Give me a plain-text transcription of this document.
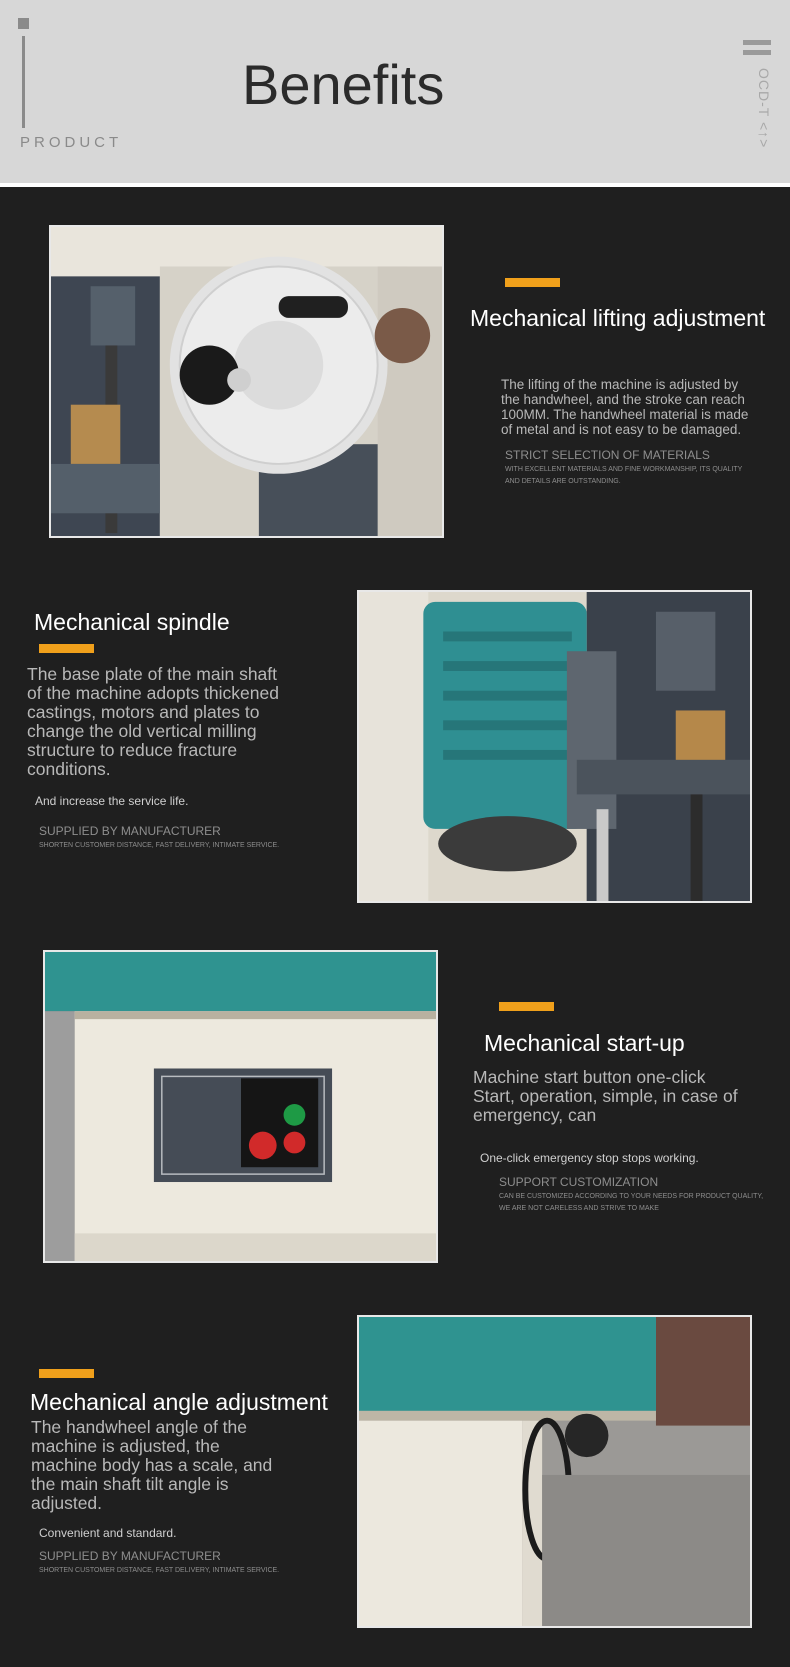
PRODUCT
Benefits	OCD-T <↑>
Mechanical lifting adjustment
The lifting of the machine is adjusted by
the handwheel, and the stroke can reach
100MM. The handwheel material is made
of metal and is not easy to be damaged.
STRICT SELECTION OF MATERIALS
WITH EXCELLENT MATERIALS AND FINE WORKMANSHIP, ITS QUALITY
AND DETAILS ARE OUTSTANDING.
Mechanical spindle
The base plate of the main shaft
of the machine adopts thickened
castings, motors and plates to
change the old vertical milling
structure to reduce fracture
conditions.
And increase the service life.
SUPPLIED BY MANUFACTURER
SHORTEN CUSTOMER DISTANCE, FAST DELIVERY, INTIMATE SERVICE.
Mechanical start-up
Machine start button one-click
Start, operation, simple, in case of
emergency, can
One-click emergency stop stops working.
SUPPORT CUSTOMIZATION
CAN BE CUSTOMIZED ACCORDING TO YOUR NEEDS FOR PRODUCT QUALITY,
WE ARE NOT CARELESS AND STRIVE TO MAKE
Mechanical angle adjustment
The handwheel angle of the
machine is adjusted, the
machine body has a scale, and
the main shaft tilt angle is
adjusted.
Convenient and standard.
SUPPLIED BY MANUFACTURER
SHORTEN CUSTOMER DISTANCE, FAST DELIVERY, INTIMATE SERVICE.
